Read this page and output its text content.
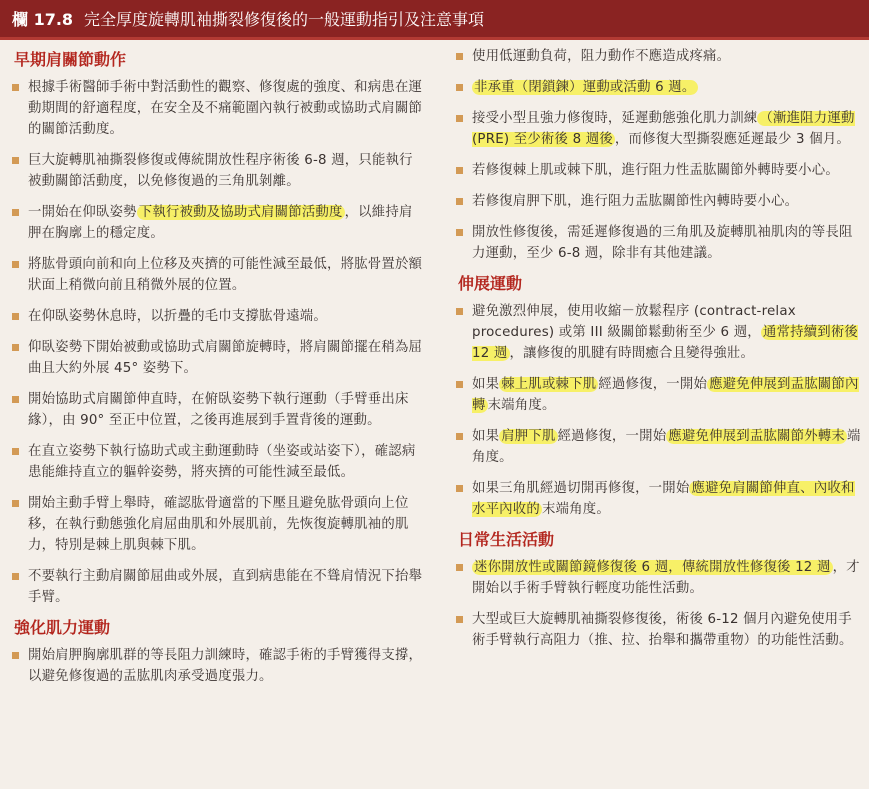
欄 17.8 完全厚度旋轉肌袖撕裂修復後的一般運動指引及注意事項
早期肩關節動作
根據手術醫師手術中對活動性的觀察、修復處的強度、和病患在運動期間的舒適程度，在安全及不痛範圍內執行被動或協助式肩關節的關節活動度。
巨大旋轉肌袖撕裂修復或傳統開放性程序術後 6-8 週，只能執行被動關節活動度，以免修復過的三角肌剝離。
一開始在仰臥姿勢 下執行被動及協助式肩關節活動度 ，以維持肩胛在胸廓上的穩定度。
將肱骨頭向前和向上位移及夾擠的可能性減至最低，將肱骨置於額狀面上稍微向前且稍微外展的位置。
在仰臥姿勢休息時，以折疊的毛巾支撐肱骨遠端。
仰臥姿勢下開始被動或協助式肩關節旋轉時，將肩關節擺在稍為屈曲且大約外展 45° 姿勢下。
開始協助式肩關節伸直時，在俯臥姿勢下執行運動（手臂垂出床緣），由 90° 至正中位置，之後再進展到手置背後的運動。
在直立姿勢下執行協助式或主動運動時（坐姿或站姿下），確認病患能維持直立的軀幹姿勢，將夾擠的可能性減至最低。
開始主動手臂上舉時，確認肱骨適當的下壓且避免肱骨頭向上位移，在執行動態強化肩屈曲肌和外展肌前，先恢復旋轉肌袖的肌力，特別是棘上肌與棘下肌。
不要執行主動肩關節屈曲或外展，直到病患能在不聳肩情況下抬舉手臂。
強化肌力運動
開始肩胛胸廓肌群的等長阻力訓練時，確認手術的手臂獲得支撐，以避免修復過的盂肱肌肉承受過度張力。
使用低運動負荷，阻力動作不應造成疼痛。
非承重（閉鎖鍊）運動或活動 6 週。
接受小型且強力修復時，延遲動態強化肌力訓練 （漸進阻力運動 (PRE) 至少術後 8 週後 ，而修復大型撕裂應延遲最少 3 個月。
若修復棘上肌或棘下肌，進行阻力性盂肱關節外轉時要小心。
若修復肩胛下肌，進行阻力盂肱關節性內轉時要小心。
開放性修復後，需延遲修復過的三角肌及旋轉肌袖肌肉的等長阻力運動，至少 6-8 週，除非有其他建議。
伸展運動
避免激烈伸展，使用收縮－放鬆程序 (contract-relax procedures) 或第 III 級關節鬆動術至少 6 週， 通常持續到術後 12 週 ，讓修復的肌腱有時間癒合且變得強壯。
如果 棘上肌或棘下肌 經過修復，一開始 應避免伸展到盂肱關節內轉 末端角度。
如果 肩胛下肌 經過修復，一開始 應避免伸展到盂肱關節外轉末 端角度。
如果三角肌經過切開再修復，一開始 應避免肩關節伸直、內收和水平內收的 末端角度。
日常生活活動
迷你開放性或關節鏡修復後 6 週，傳統開放性修復後 12 週 ，才開始以手術手臂執行輕度功能性活動。
大型或巨大旋轉肌袖撕裂修復後，術後 6-12 個月內避免使用手術手臂執行高阻力（推、拉、抬舉和攜帶重物）的功能性活動。
